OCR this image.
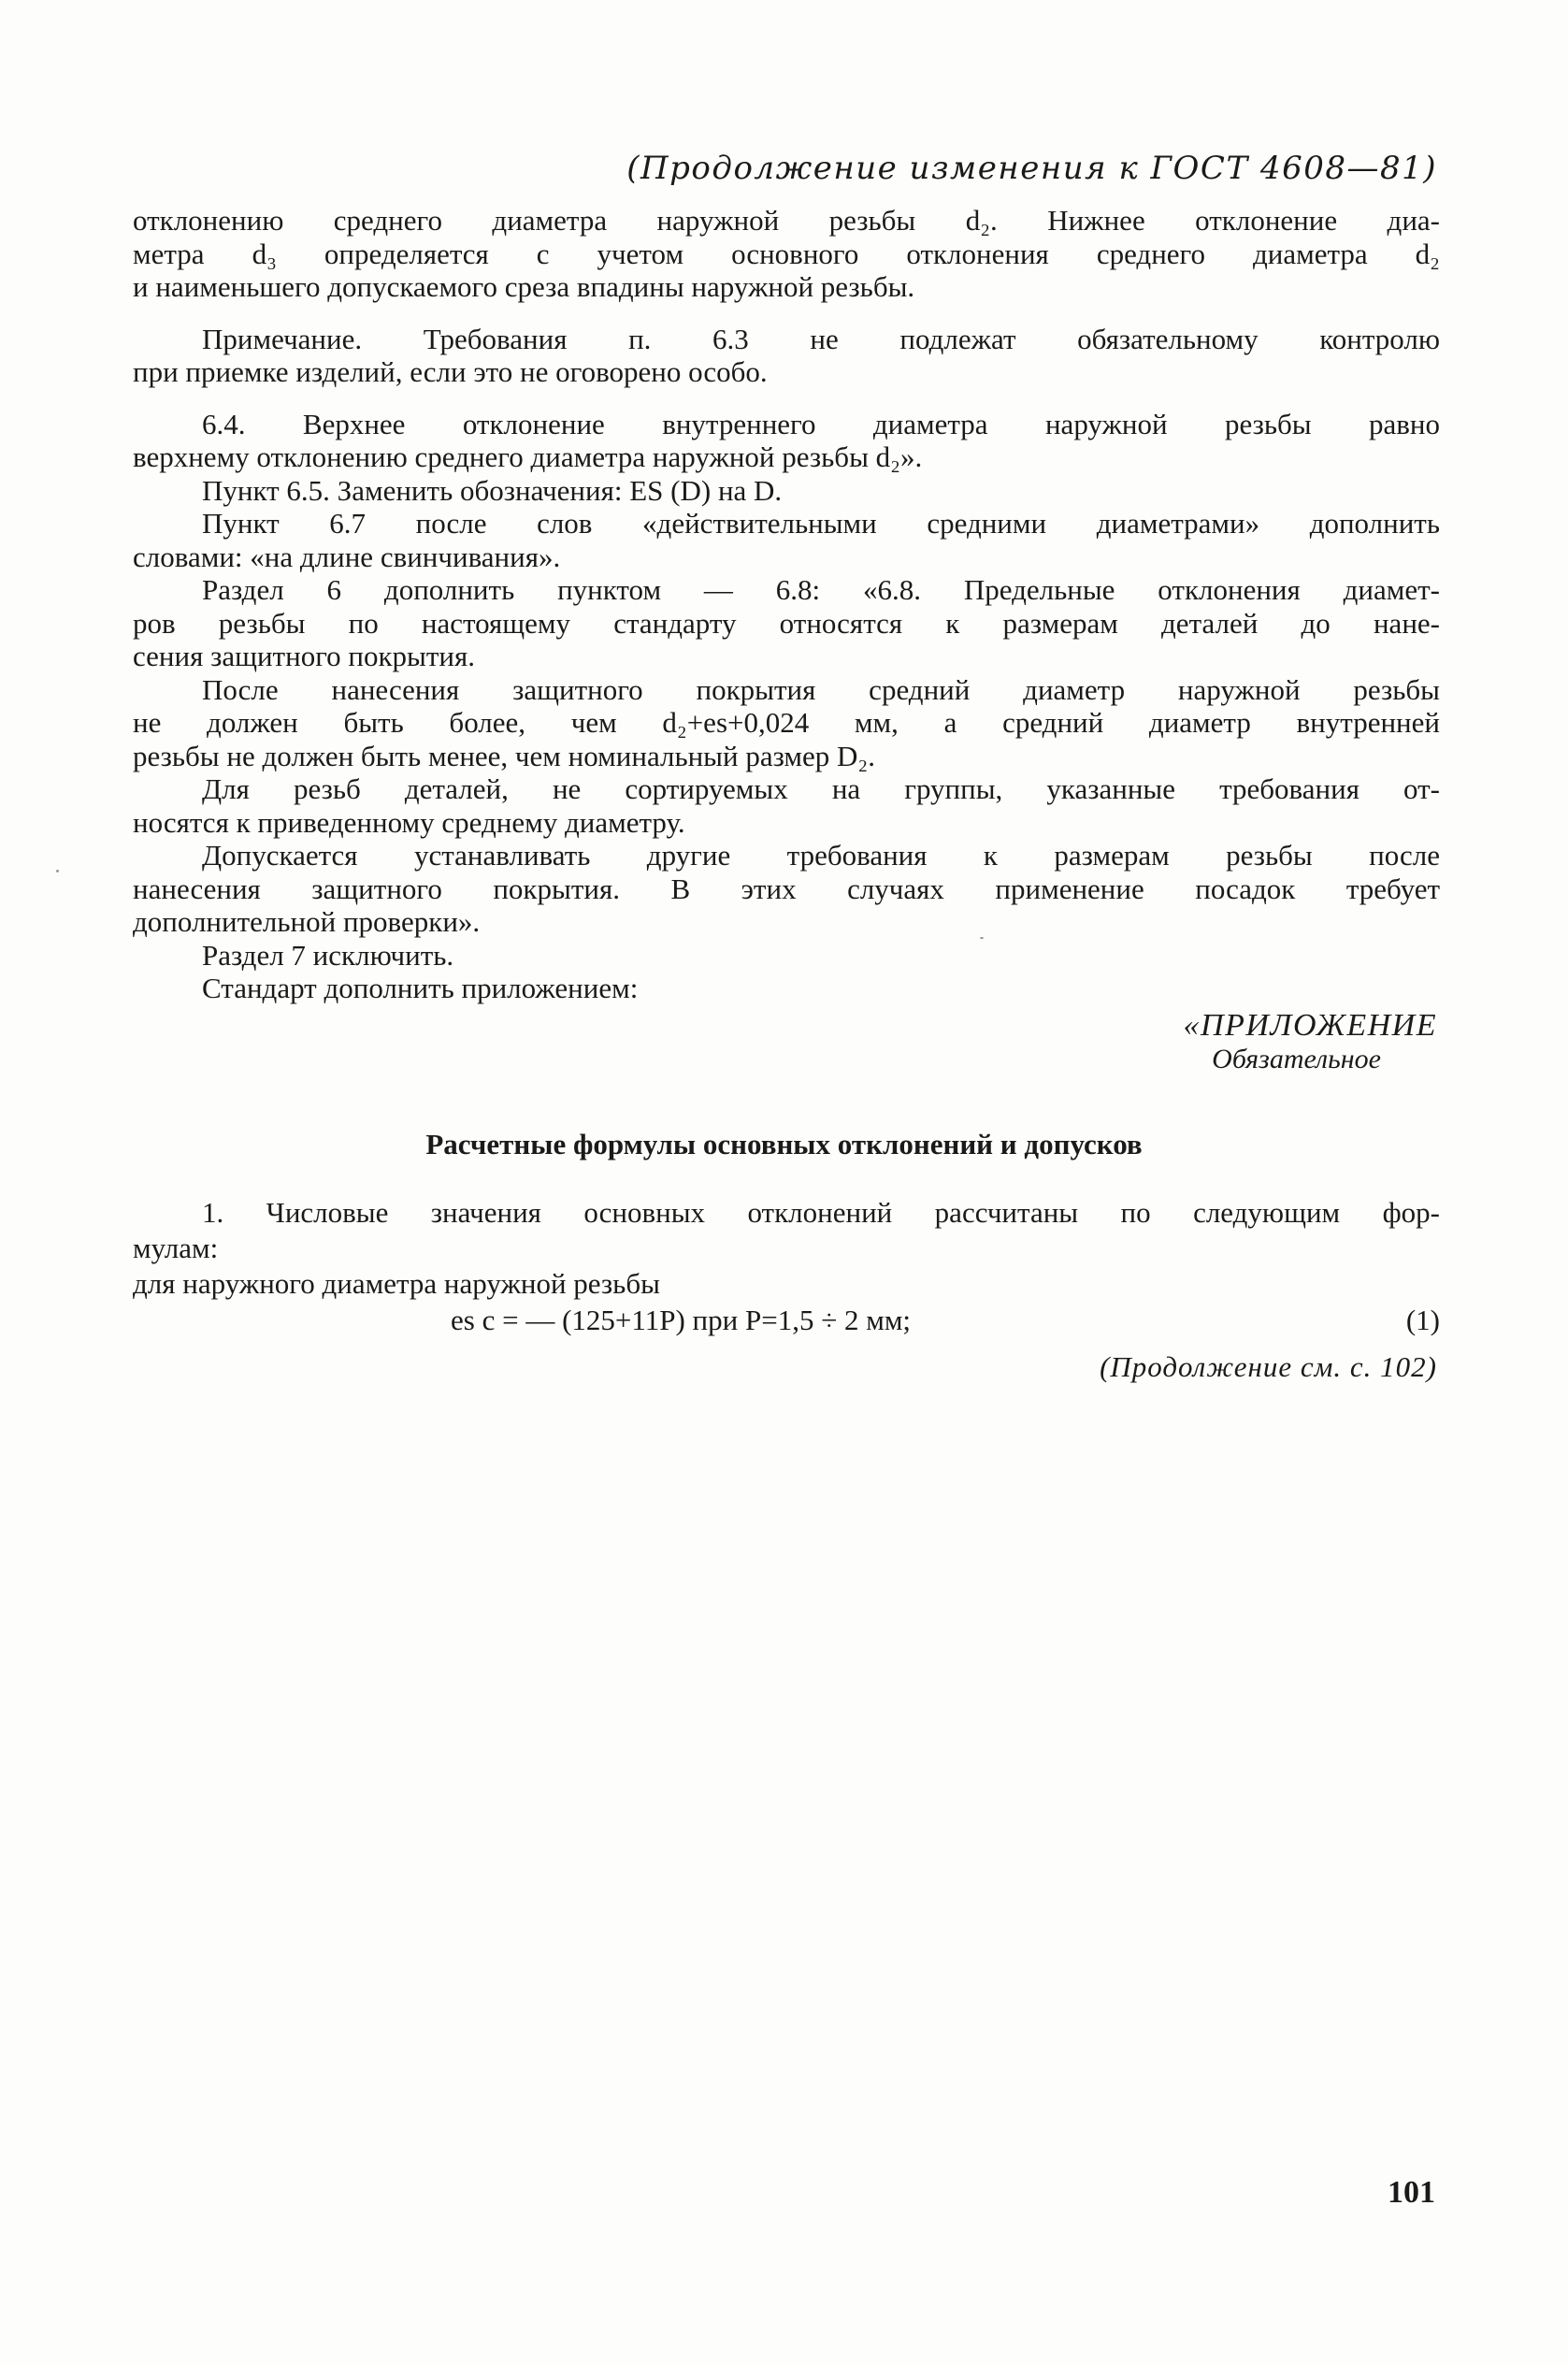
(Продолжение изменения к ГОСТ 4608—81)
отклонению среднего диаметра наружной резьбы d₂. Нижнее отклонение диа-
метра d₃ определяется с учетом основного отклонения среднего диаметра d₂
и наименьшего допускаемого среза впадины наружной резьбы.
Примечание. Требования п. 6.3 не подлежат обязательному контролю
при приемке изделий, если это не оговорено особо.
6.4. Верхнее отклонение внутреннего диаметра наружной резьбы равно
верхнему отклонению среднего диаметра наружной резьбы d₂».
Пункт 6.5. Заменить обозначения: ES (D) на D.
Пункт 6.7 после слов «действительными средними диаметрами» дополнить
словами: «на длине свинчивания».
Раздел 6 дополнить пунктом — 6.8: «6.8. Предельные отклонения диамет-
ров резьбы по настоящему стандарту относятся к размерам деталей до нане-
сения защитного покрытия.
После нанесения защитного покрытия средний диаметр наружной резьбы
не должен быть более, чем d₂+es+0,024 мм, а средний диаметр внутренней
резьбы не должен быть менее, чем номинальный размер D₂.
Для резьб деталей, не сортируемых на группы, указанные требования от-
носятся к приведенному среднему диаметру.
Допускается устанавливать другие требования к размерам резьбы после
нанесения защитного покрытия. В этих случаях применение посадок требует
дополнительной проверки».
Раздел 7 исключить.
Стандарт дополнить приложением:
«ПРИЛОЖЕНИЕ
Обязательное
Расчетные формулы основных отклонений и допусков
1. Числовые значения основных отклонений рассчитаны по следующим фор-
мулам:
для наружного диаметра наружной резьбы
es c = — (125+11P) при P=1,5 ÷ 2 мм;	(1)
(Продолжение см. с. 102)
101
